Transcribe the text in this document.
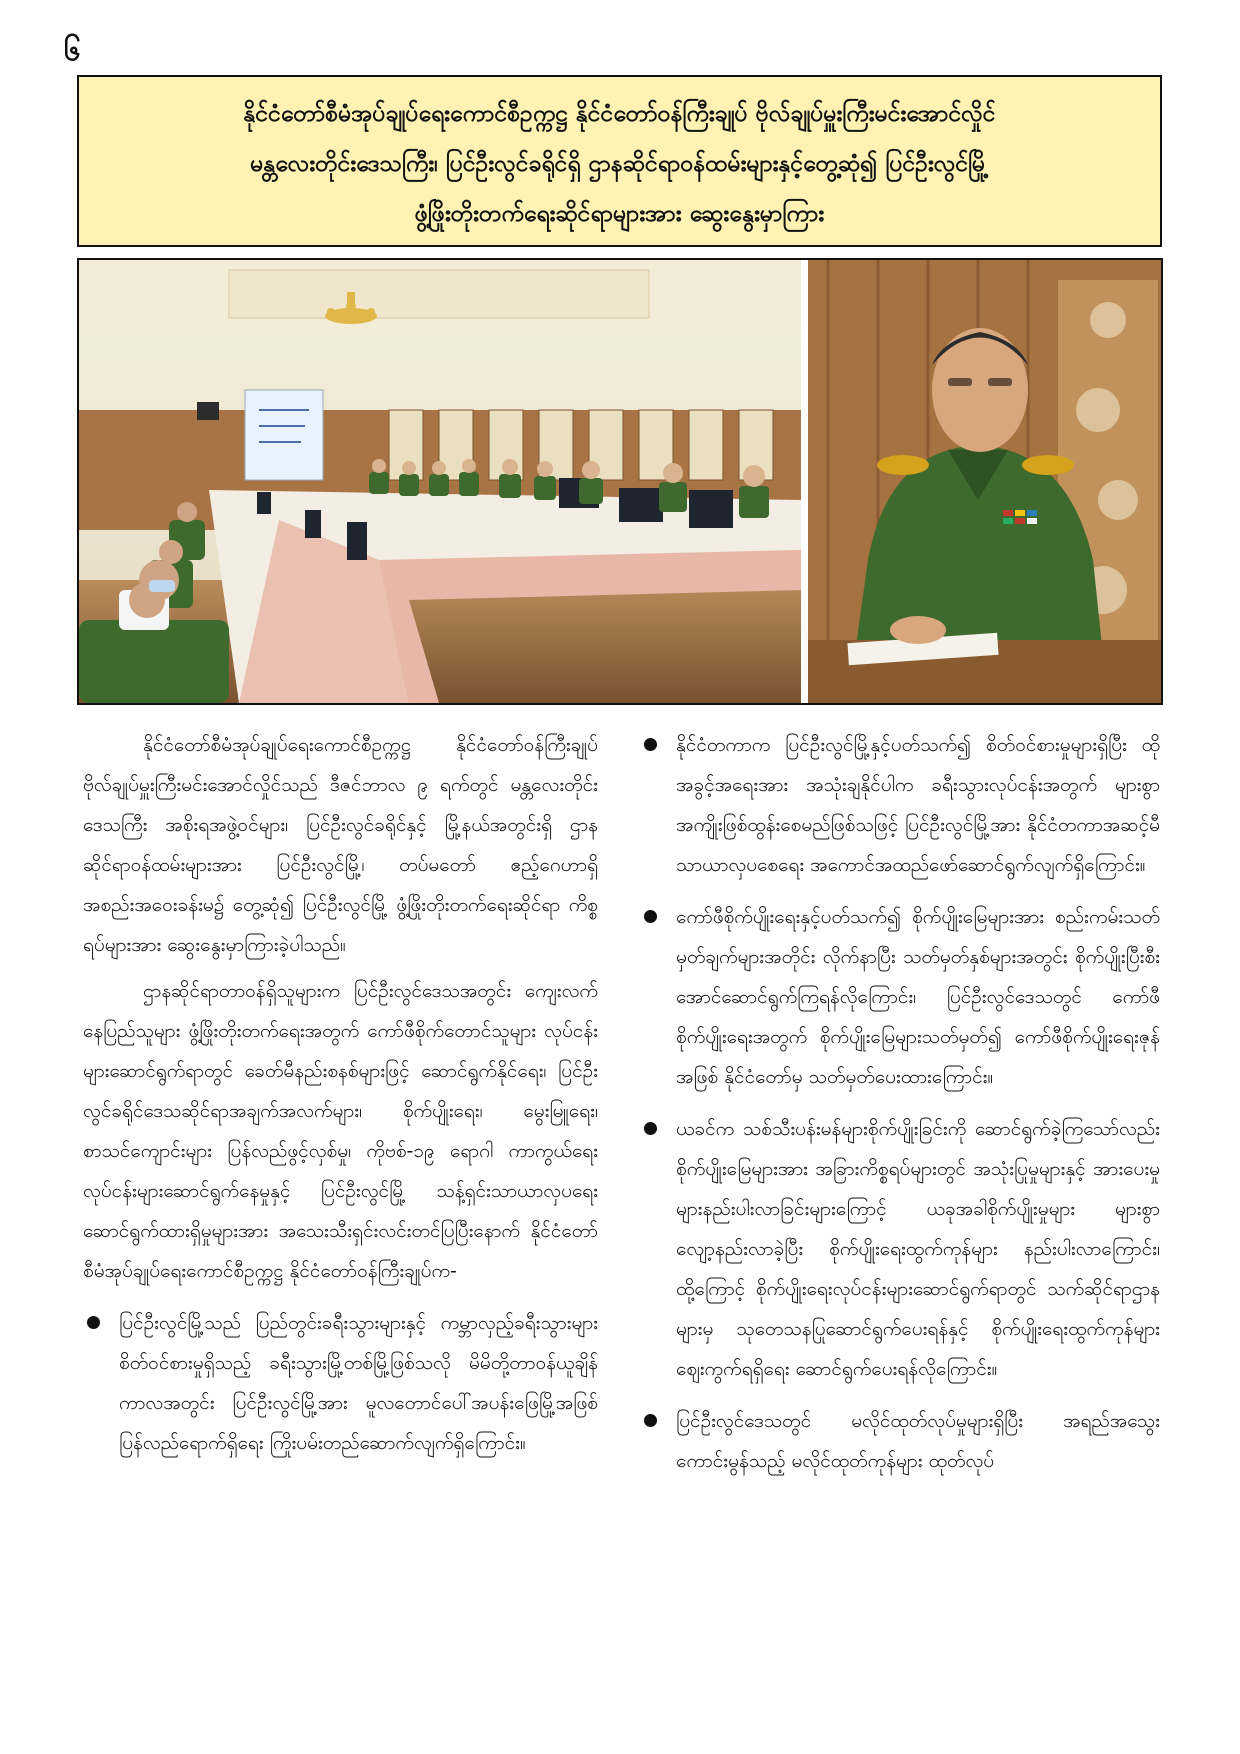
၆
နိုင်ငံတော်စီမံအုပ်ချုပ်ရေးကောင်စီဥက္ကဋ္ဌ နိုင်ငံတော်ဝန်ကြီးချုပ် ဗိုလ်ချုပ်မှူးကြီးမင်းအောင်လှိုင်
မန္တလေးတိုင်းဒေသကြီး၊ ပြင်ဦးလွင်ခရိုင်ရှိ ဌာနဆိုင်ရာဝန်ထမ်းများနှင့်တွေ့ဆုံ၍ ပြင်ဦးလွင်မြို့
ဖွံ့ဖြိုးတိုးတက်ရေးဆိုင်ရာများအား ဆွေးနွေးမှာကြား

နိုင်ငံတော်စီမံအုပ်ချုပ်ရေးကောင်စီဥက္ကဋ္ဌ နိုင်ငံတော်ဝန်ကြီးချုပ် ဗိုလ်ချုပ်မှူးကြီးမင်းအောင်လှိုင်သည် ဒီဇင်ဘာလ ၉ ရက်တွင် မန္တလေးတိုင်းဒေသကြီး အစိုးရအဖွဲ့ဝင်များ၊ ပြင်ဦးလွင်ခရိုင်နှင့် မြို့နယ်အတွင်းရှိ ဌာနဆိုင်ရာဝန်ထမ်းများအား ပြင်ဦးလွင်မြို့၊ တပ်မတော် ဧည့်ဂေဟာရှိ အစည်းအဝေးခန်းမ၌ တွေ့ဆုံ၍ ပြင်ဦးလွင်မြို့ ဖွံ့ဖြိုးတိုးတက်ရေးဆိုင်ရာ ကိစ္စရပ်များအား ဆွေးနွေးမှာကြားခဲ့ပါသည်။

ဌာနဆိုင်ရာတာဝန်ရှိသူများက ပြင်ဦးလွင်ဒေသအတွင်း ကျေးလက်နေပြည်သူများ ဖွံ့ဖြိုးတိုးတက်ရေးအတွက် ကော်ဖီစိုက်တောင်သူများ လုပ်ငန်းများဆောင်ရွက်ရာတွင် ခေတ်မီနည်းစနစ်များဖြင့် ဆောင်ရွက်နိုင်ရေး၊ ပြင်ဦးလွင်ခရိုင်ဒေသဆိုင်ရာအချက်အလက်များ၊ စိုက်ပျိုးရေး၊ မွေးမြူရေး၊ စာသင်ကျောင်းများ ပြန်လည်ဖွင့်လှစ်မှု၊ ကိုဗစ်-၁၉ ရောဂါ ကာကွယ်ရေးလုပ်ငန်းများဆောင်ရွက်နေမှုနှင့် ပြင်ဦးလွင်မြို့ သန့်ရှင်းသာယာလှပရေး ဆောင်ရွက်ထားရှိမှုများအား အသေးသီးရှင်းလင်းတင်ပြပြီးနောက် နိုင်ငံတော်စီမံအုပ်ချုပ်ရေးကောင်စီဥက္ကဋ္ဌ နိုင်ငံတော်ဝန်ကြီးချုပ်က-

ပြင်ဦးလွင်မြို့သည် ပြည်တွင်းခရီးသွားများနှင့် ကမ္ဘာလှည့်ခရီးသွားများ စိတ်ဝင်စားမှုရှိသည့် ခရီးသွားမြို့တစ်မြို့ဖြစ်သလို မိမိတို့တာဝန်ယူချိန်ကာလအတွင်း ပြင်ဦးလွင်မြို့အား မူလတောင်ပေါ်အပန်းဖြေမြို့အဖြစ် ပြန်လည်ရောက်ရှိရေး ကြိုးပမ်းတည်ဆောက်လျက်ရှိကြောင်း။
နိုင်ငံတကာက ပြင်ဦးလွင်မြို့နှင့်ပတ်သက်၍ စိတ်ဝင်စားမှုများရှိပြီး ထိုအခွင့်အရေးအား အသုံးချနိုင်ပါက ခရီးသွားလုပ်ငန်းအတွက် များစွာအကျိုးဖြစ်ထွန်းစေမည်ဖြစ်သဖြင့် ပြင်ဦးလွင်မြို့အား နိုင်ငံတကာအဆင့်မီ သာယာလှပစေရေး အကောင်အထည်ဖော်ဆောင်ရွက်လျက်ရှိကြောင်း။
ကော်ဖီစိုက်ပျိုးရေးနှင့်ပတ်သက်၍ စိုက်ပျိုးမြေများအား စည်းကမ်းသတ်မှတ်ချက်များအတိုင်း လိုက်နာပြီး သတ်မှတ်နှစ်များအတွင်း စိုက်ပျိုးပြီးစီးအောင်ဆောင်ရွက်ကြရန်လိုကြောင်း၊ ပြင်ဦးလွင်ဒေသတွင် ကော်ဖီစိုက်ပျိုးရေးအတွက် စိုက်ပျိုးမြေများသတ်မှတ်၍ ကော်ဖီစိုက်ပျိုးရေးဇုန်အဖြစ် နိုင်ငံတော်မှ သတ်မှတ်ပေးထားကြောင်း။
ယခင်က သစ်သီးပန်းမန်များစိုက်ပျိုးခြင်းကို ဆောင်ရွက်ခဲ့ကြသော်လည်း စိုက်ပျိုးမြေများအား အခြားကိစ္စရပ်များတွင် အသုံးပြုမှုများနှင့် အားပေးမှုများနည်းပါးလာခြင်းများကြောင့် ယခုအခါစိုက်ပျိုးမှုများ များစွာလျော့နည်းလာခဲ့ပြီး စိုက်ပျိုးရေးထွက်ကုန်များ နည်းပါးလာကြောင်း၊ ထို့ကြောင့် စိုက်ပျိုးရေးလုပ်ငန်းများဆောင်ရွက်ရာတွင် သက်ဆိုင်ရာဌာနများမှ သုတေသနပြုဆောင်ရွက်ပေးရန်နှင့် စိုက်ပျိုးရေးထွက်ကုန်များ ဈေးကွက်ရရှိရေး ဆောင်ရွက်ပေးရန်လိုကြောင်း။
ပြင်ဦးလွင်ဒေသတွင် မလိုင်ထုတ်လုပ်မှုများရှိပြီး အရည်အသွေးကောင်းမွန်သည့် မလိုင်ထုတ်ကုန်များ ထုတ်လုပ်
